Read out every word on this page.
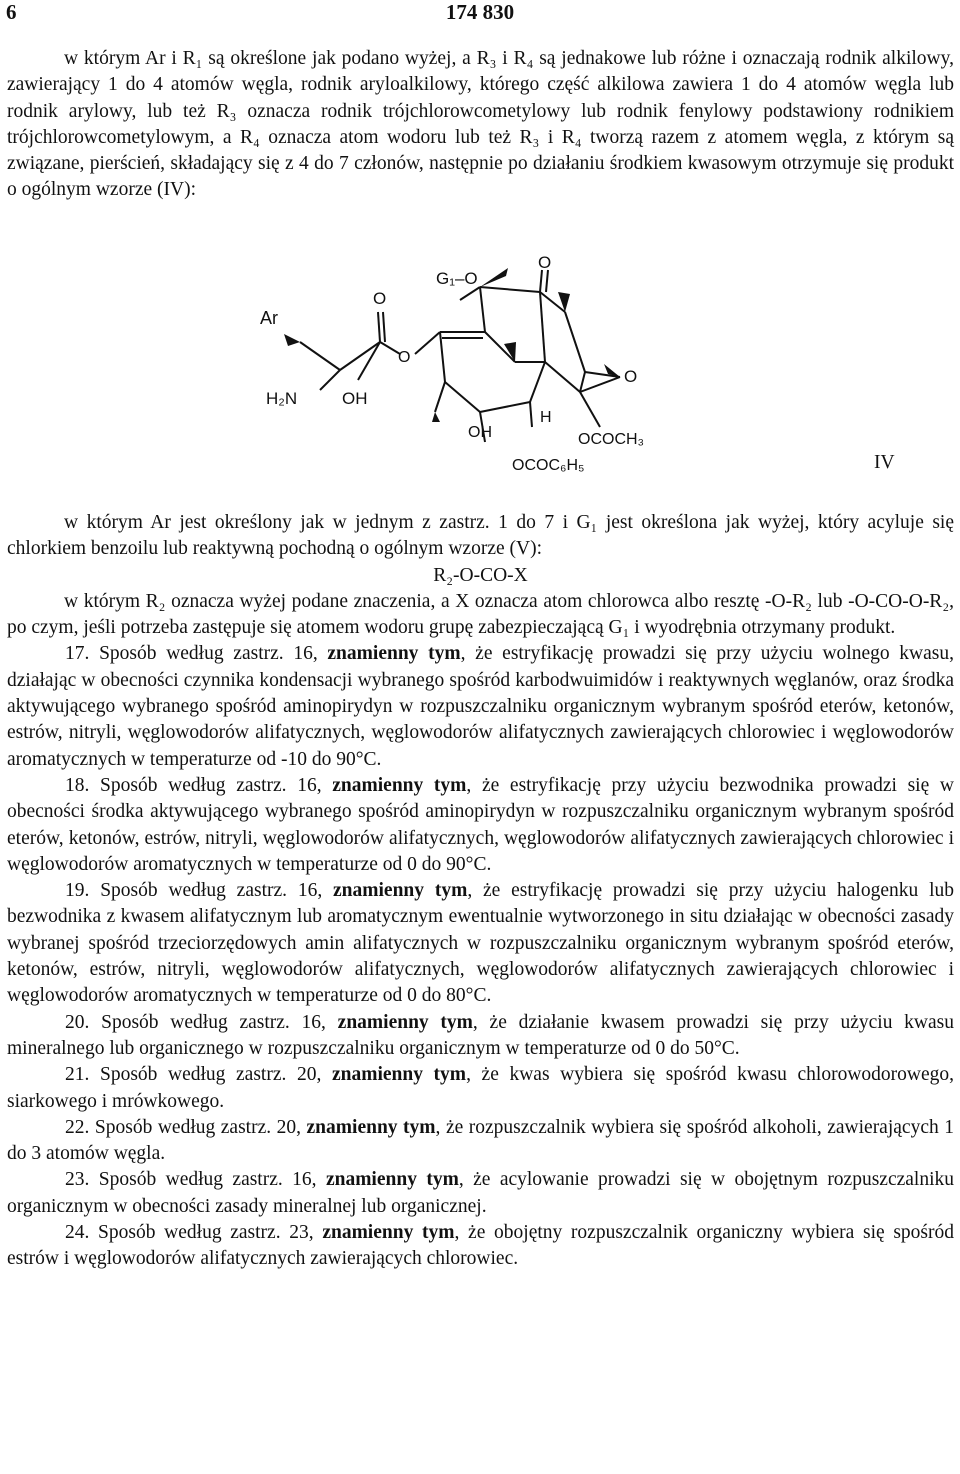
6	174 830

w którym Ar i R₁ są określone jak podano wyżej, a R₃ i R₄ są jednakowe lub różne i oznaczają rodnik alkilowy, zawierający 1 do 4 atomów węgla, rodnik aryloalkilowy, którego część alkilowa zawiera 1 do 4 atomów węgla lub rodnik arylowy, lub też R₃ oznacza rodnik trójchlorowcometylowy lub rodnik fenylowy podstawiony rodnikiem trójchlorowcometylowym, a R₄ oznacza atom wodoru lub też R₃ i R₄ tworzą razem z atomem węgla, z którym są związane, pierścień, składający się z 4 do 7 członów, następnie po działaniu środkiem kwasowym otrzymuje się produkt o ogólnym wzorze (IV):

Ar
O
O
G₁–O
O
O
H₂N	OH
OH
H
OCOCH₃
OCOC₆H₅	IV

w którym Ar jest określony jak w jednym z zastrz. 1 do 7 i G₁ jest określona jak wyżej, który acyluje się chlorkiem benzoilu lub reaktywną pochodną o ogólnym wzorze (V):

R₂-O-CO-X

w którym R₂ oznacza wyżej podane znaczenia, a X oznacza atom chlorowca albo resztę -O-R₂ lub -O-CO-O-R₂, po czym, jeśli potrzeba zastępuje się atomem wodoru grupę zabezpieczającą G₁ i wyodrębnia otrzymany produkt.

17. Sposób według zastrz. 16, znamienny tym, że estryfikację prowadzi się przy użyciu wolnego kwasu, działając w obecności czynnika kondensacji wybranego spośród karbodwuimidów i reaktywnych węglanów, oraz środka aktywującego wybranego spośród aminopirydyn w rozpuszczalniku organicznym wybranym spośród eterów, ketonów, estrów, nitryli, węglowodorów alifatycznych, węglowodorów alifatycznych zawierających chlorowiec i węglowodorów aromatycznych w temperaturze od -10 do 90°C.

18. Sposób według zastrz. 16, znamienny tym, że estryfikację przy użyciu bezwodnika prowadzi się w obecności środka aktywującego wybranego spośród aminopirydyn w rozpuszczalniku organicznym wybranym spośród eterów, ketonów, estrów, nitryli, węglowodorów alifatycznych, węglowodorów alifatycznych zawierających chlorowiec i węglowodorów aromatycznych w temperaturze od 0 do 90°C.

19. Sposób według zastrz. 16, znamienny tym, że estryfikację prowadzi się przy użyciu halogenku lub bezwodnika z kwasem alifatycznym lub aromatycznym ewentualnie wytworzonego in situ działając w obecności zasady wybranej spośród trzeciorzędowych amin alifatycznych w rozpuszczalniku organicznym wybranym spośród eterów, ketonów, estrów, nitryli, węglowodorów alifatycznych, węglowodorów alifatycznych zawierających chlorowiec i węglowodorów aromatycznych w temperaturze od 0 do 80°C.

20. Sposób według zastrz. 16, znamienny tym, że działanie kwasem prowadzi się przy użyciu kwasu mineralnego lub organicznego w rozpuszczalniku organicznym w temperaturze od 0 do 50°C.

21. Sposób według zastrz. 20, znamienny tym, że kwas wybiera się spośród kwasu chlorowodorowego, siarkowego i mrówkowego.

22. Sposób według zastrz. 20, znamienny tym, że rozpuszczalnik wybiera się spośród alkoholi, zawierających 1 do 3 atomów węgla.

23. Sposób według zastrz. 16, znamienny tym, że acylowanie prowadzi się w obojętnym rozpuszczalniku organicznym w obecności zasady mineralnej lub organicznej.

24. Sposób według zastrz. 23, znamienny tym, że obojętny rozpuszczalnik organiczny wybiera się spośród estrów i węglowodorów alifatycznych zawierających chlorowiec.
